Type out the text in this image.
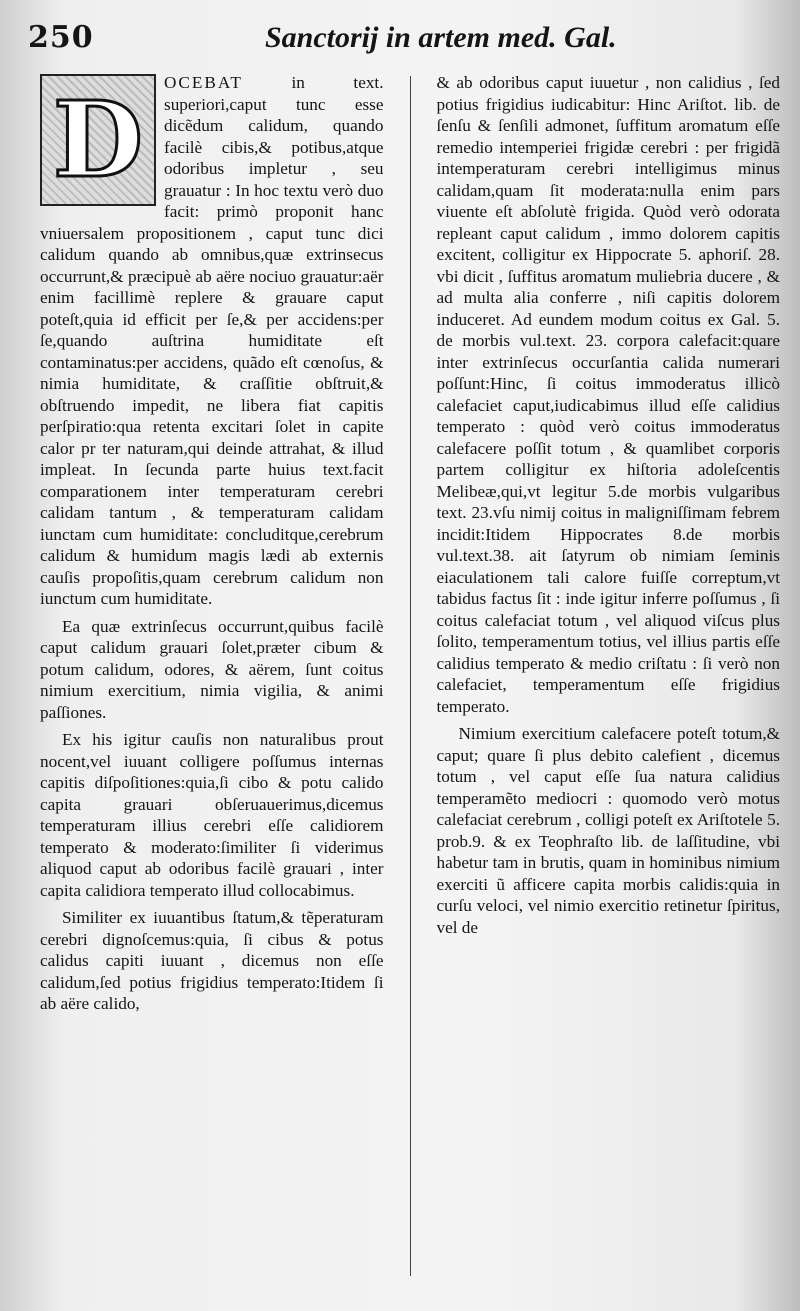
250	Sanctorij in artem med. Gal.

D	OCEBAT	in text. superiori,caput tunc esse dicẽdum calidum, quando facilè cibis,& potibus,atque odoribus impletur , seu grauatur : In hoc textu verò duo facit: primò proponit hanc vniuersalem propositionem , caput tunc dici calidum quando ab omnibus,quæ extrinsecus occurrunt,& præcipuè ab aëre nociuo grauatur:aër enim facillimè replere & grauare caput poteſt,quia id efficit per ſe,& per accidens:per ſe,quando auſtrina humiditate eſt contaminatus:per accidens, quãdo eſt cœnoſus, & nimia humiditate, & craſſitie obſtruit,& obſtruendo impedit, ne libera fiat capitis perſpiratio:qua retenta excitari ſolet in capite calor pr ter naturam,qui deinde attrahat, & illud impleat. In ſecunda parte huius text.facit comparationem inter temperaturam cerebri calidam tantum , & temperaturam calidam iunctam cum humiditate: concluditque,cerebrum calidum & humidum magis lædi ab externis cauſis propoſitis,quam cerebrum calidum non iunctum cum humiditate.

Ea quæ extrinſecus occurrunt,quibus facilè caput calidum grauari ſolet,præter cibum & potum calidum, odores, & aërem, ſunt coitus nimium exercitium, nimia vigilia, & animi paſſiones.

Ex his igitur cauſis non naturalibus prout nocent,vel iuuant colligere poſſumus internas capitis diſpoſitiones:quia,ſi cibo & potu calido capita grauari obſeruauerimus,dicemus temperaturam illius cerebri eſſe calidiorem temperato & moderato:ſimiliter ſi viderimus aliquod caput ab odoribus facilè grauari , inter capita calidiora temperato illud collocabimus.

Similiter ex iuuantibus ſtatum,& tẽperaturam cerebri dignoſcemus:quia, ſi cibus & potus calidus capiti iuuant , dicemus non eſſe calidum,ſed potius frigidius temperato:Itidem ſi ab aëre calido,

& ab odoribus caput iuuetur , non calidius , ſed potius frigidius iudicabitur: Hinc Ariſtot. lib. de ſenſu & ſenſili admonet, ſuffitum aromatum eſſe remedio intemperiei frigidæ cerebri : per frigidã intemperaturam cerebri intelligimus minus calidam,quam ſit moderata:nulla enim pars viuente eſt abſolutè frigida. Quòd verò odorata repleant caput calidum , immo dolorem capitis excitent, colligitur ex Hippocrate 5. aphoriſ. 28. vbi dicit , ſuffitus aromatum muliebria ducere , & ad multa alia conferre , niſi capitis dolorem induceret. Ad eundem modum coitus ex Gal. 5. de morbis vul.text. 23. corpora calefacit:quare inter extrinſecus occurſantia calida numerari poſſunt:Hinc, ſi coitus immoderatus illicò calefaciet caput,iudicabimus illud eſſe calidius temperato : quòd verò coitus immoderatus calefacere poſſit totum , & quamlibet corporis partem colligitur ex hiſtoria adoleſcentis Melibeæ,qui,vt legitur 5.de morbis vulgaribus text. 23.vſu nimij coitus in maligniſſimam febrem incidit:Itidem Hippocrates 8.de morbis vul.text.38. ait ſatyrum ob nimiam ſeminis eiaculationem tali calore fuiſſe correptum,vt tabidus factus ſit : inde igitur inferre poſſumus , ſi coitus calefaciat totum , vel aliquod viſcus plus ſolito, temperamentum totius, vel illius partis eſſe calidius temperato & medio criſtatu : ſi verò non calefaciet, temperamentum eſſe frigidius temperato.

Nimium exercitium calefacere poteſt totum,& caput; quare ſi plus debito calefient , dicemus totum , vel caput eſſe ſua natura calidius temperamẽto mediocri : quomodo verò motus calefaciat cerebrum , colligi poteſt ex Ariſtotele 5. prob.9. & ex Teophraſto lib. de laſſitudine, vbi habetur tam in brutis, quam in hominibus nimium exerciti ũ afficere capita morbis calidis:quia in curſu veloci, vel nimio exercitio retinetur ſpiritus, vel de
